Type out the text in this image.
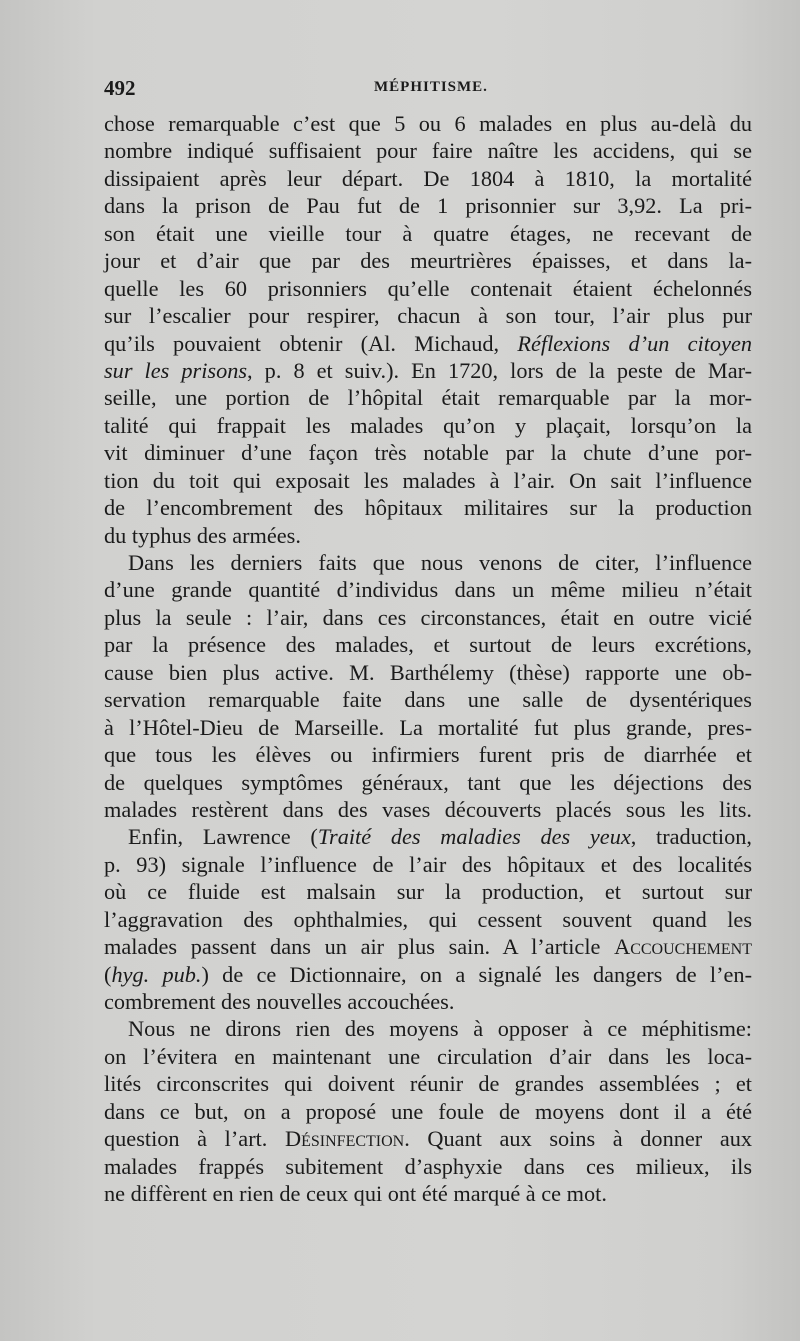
492	MÉPHITISME.
chose remarquable c’est que 5 ou 6 malades en plus au-delà du
nombre indiqué suffisaient pour faire naître les accidens, qui se
dissipaient après leur départ. De 1804 à 1810, la mortalité
dans la prison de Pau fut de 1 prisonnier sur 3,92. La pri-
son était une vieille tour à quatre étages, ne recevant de
jour et d’air que par des meurtrières épaisses, et dans la-
quelle les 60 prisonniers qu’elle contenait étaient échelonnés
sur l’escalier pour respirer, chacun à son tour, l’air plus pur
qu’ils pouvaient obtenir (Al. Michaud, Réflexions d’un citoyen
sur les prisons, p. 8 et suiv.). En 1720, lors de la peste de Mar-
seille, une portion de l’hôpital était remarquable par la mor-
talité qui frappait les malades qu’on y plaçait, lorsqu’on la
vit diminuer d’une façon très notable par la chute d’une por-
tion du toit qui exposait les malades à l’air. On sait l’influence
de l’encombrement des hôpitaux militaires sur la production
du typhus des armées.
Dans les derniers faits que nous venons de citer, l’influence
d’une grande quantité d’individus dans un même milieu n’était
plus la seule : l’air, dans ces circonstances, était en outre vicié
par la présence des malades, et surtout de leurs excrétions,
cause bien plus active. M. Barthélemy (thèse) rapporte une ob-
servation remarquable faite dans une salle de dysentériques
à l’Hôtel-Dieu de Marseille. La mortalité fut plus grande, pres-
que tous les élèves ou infirmiers furent pris de diarrhée et
de quelques symptômes généraux, tant que les déjections des
malades restèrent dans des vases découverts placés sous les lits.
Enfin, Lawrence (Traité des maladies des yeux, traduction,
p. 93) signale l’influence de l’air des hôpitaux et des localités
où ce fluide est malsain sur la production, et surtout sur
l’aggravation des ophthalmies, qui cessent souvent quand les
malades passent dans un air plus sain. A l’article Accouchement
(hyg. pub.) de ce Dictionnaire, on a signalé les dangers de l’en-
combrement des nouvelles accouchées.
Nous ne dirons rien des moyens à opposer à ce méphitisme:
on l’évitera en maintenant une circulation d’air dans les loca-
lités circonscrites qui doivent réunir de grandes assemblées ; et
dans ce but, on a proposé une foule de moyens dont il a été
question à l’art. Désinfection. Quant aux soins à donner aux
malades frappés subitement d’asphyxie dans ces milieux, ils
ne diffèrent en rien de ceux qui ont été marqué à ce mot.
